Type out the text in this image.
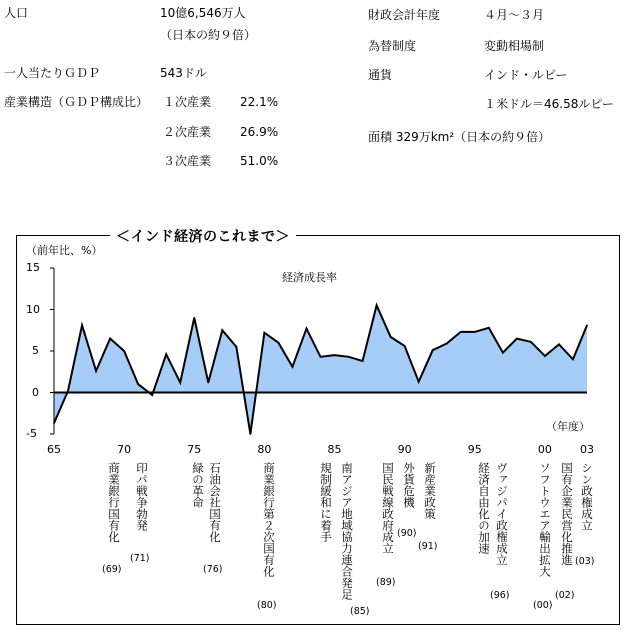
人口	10億6,546万人
（日本の約９倍）
一人当たりＧＤＰ	543ドル
産業構造（ＧＤＰ構成比） １次産業 22.1%
２次産業 26.9%
３次産業 51.0%
財政会計年度	４月～３月
為替制度	変動相場制
通貨	インド・ルピー
１米ドル＝46.58ルピー
面積 329万km²（日本の約９倍）
＜インド経済のこれまで＞
（前年比、%）
経済成長率
（年度）
-5
0
5
10
15
65	70	75	80	85	90	95	00	03
商業銀行国有化
(69)
印パ戦争勃発
(71)
緑の革命 石油会社国有化
(76)	商業銀行第２次国有化
(80)
規制緩和に着手 南アジア地域協力連合発足
(85)
国民戦線政府成立
(89)
外貨危機
(90)
新産業政策
(91)	経済自由化の加速 ヴァジパイ政権成立
(96)
ソフトウエア輸出拡大
(00)
国有企業民営化推進
(02)
シン政権成立
(03)
